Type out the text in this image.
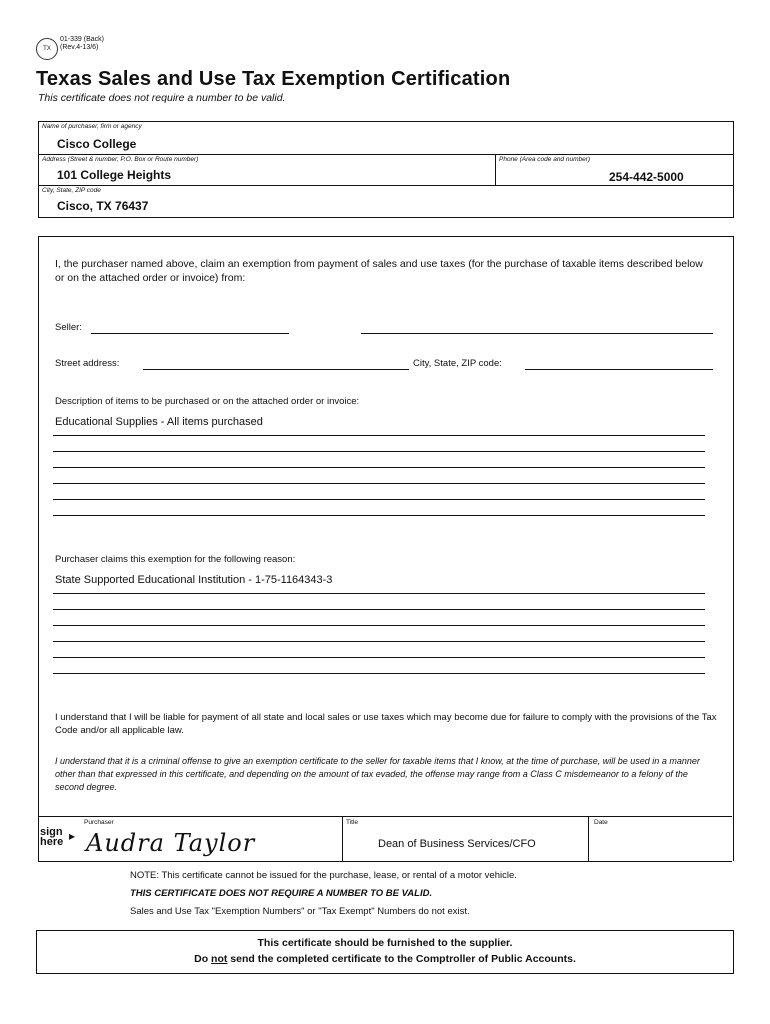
TX
01-339 (Back)
(Rev.4-13/6)
Texas Sales and Use Tax Exemption Certification
This certificate does not require a number to be valid.
Name of purchaser, firm or agency
Cisco College
Address (Street & number, P.O. Box or Route number)
101 College Heights
Phone (Area code and number)
254-442-5000
City, State, ZIP code
Cisco, TX 76437
I, the purchaser named above, claim an exemption from payment of sales and use taxes (for the purchase of taxable items described below or on the attached order or invoice) from:
Seller:
Street address:	City, State, ZIP code:
Description of items to be purchased or on the attached order or invoice:
Educational Supplies - All items purchased
Purchaser claims this exemption for the following reason:
State Supported Educational Institution - 1-75-1164343-3
I understand that I will be liable for payment of all state and local sales or use taxes which may become due for failure to comply with the provisions of the Tax Code and/or all applicable law.
I understand that it is a criminal offense to give an exemption certificate to the seller for taxable items that I know, at the time of purchase, will be used in a manner other than that expressed in this certificate, and depending on the amount of tax evaded, the offense may range from a Class C misdemeanor to a felony of the second degree.
sign here ▸
Purchaser
Audra Taylor
Title
Dean of Business Services/CFO
Date
NOTE: This certificate cannot be issued for the purchase, lease, or rental of a motor vehicle.
THIS CERTIFICATE DOES NOT REQUIRE A NUMBER TO BE VALID.
Sales and Use Tax "Exemption Numbers" or "Tax Exempt" Numbers do not exist.
This certificate should be furnished to the supplier.
Do not send the completed certificate to the Comptroller of Public Accounts.
